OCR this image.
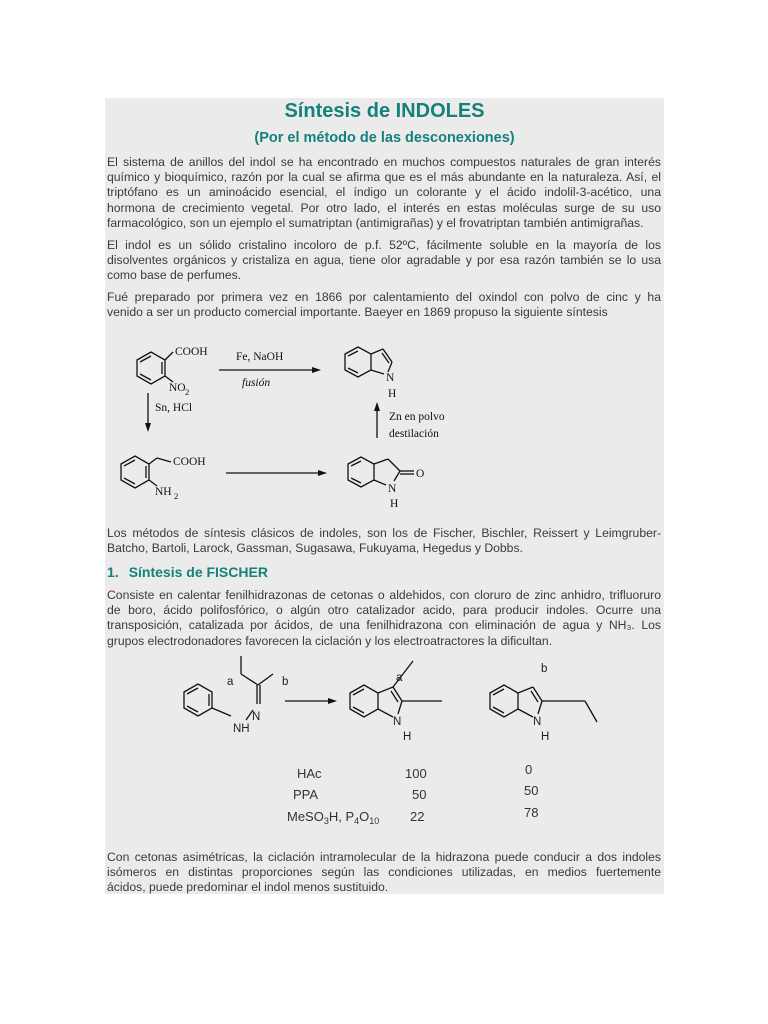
Síntesis de INDOLES
(Por el método de las desconexiones)
El sistema de anillos del indol se ha encontrado en muchos compuestos naturales de gran interés
químico y bioquímico, razón por la cual se afirma que es el más abundante en la naturaleza. Así, el
triptófano es un aminoácido esencial, el índigo un colorante y el ácido indolil-3-acético, una
hormona de crecimiento vegetal. Por otro lado, el interés en estas moléculas surge de su uso
farmacológico, son un ejemplo el sumatriptan (antimigrañas) y el frovatriptan también antimigrañas.
El indol es un sólido cristalino incoloro de p.f. 52ºC, fácilmente soluble en la mayoría de los
disolventes orgánicos y cristaliza en agua, tiene olor agradable y por esa razón también se lo usa
como base de perfumes.
Fué preparado por primera vez en 1866 por calentamiento del oxindol con polvo de cinc y ha
venido a ser un producto comercial importante. Baeyer en 1869 propuso la siguiente síntesis
COOH
NO 2
Fe, NaOH
fusión	N
H
Sn, HCl
Zn en polvo
destilación
COOH
NH 2
O
N
H
Los métodos de síntesis clásicos de indoles, son los de Fischer, Bischler, Reissert y Leimgruber-
Batcho, Bartoli, Larock, Gassman, Sugasawa, Fukuyama, Hegedus y Dobbs.
1. Síntesis de FISCHER
Consiste en calentar fenilhidrazonas de cetonas o aldehidos, con cloruro de zinc anhidro, trifluoruro
de boro, ácido polifosfórico, o algún otro catalizador acido, para producir indoles. Ocurre una
transposición, catalizada por ácidos, de una fenilhidrazona con eliminación de agua y NH₃. Los
grupos electrodonadores favorecen la ciclación y los electroatractores la dificultan.
NH
N
a	b	a
N
H
b
N
H
HAc	100	0
PPA	50	50
MeSO$_3$H, $P_4O_{10}$ 22	78
Con cetonas asimétricas, la ciclación intramolecular de la hidrazona puede conducir a dos indoles
isómeros en distintas proporciones según las condiciones utilizadas, en medios fuertemente
ácidos, puede predominar el indol menos sustituido.
